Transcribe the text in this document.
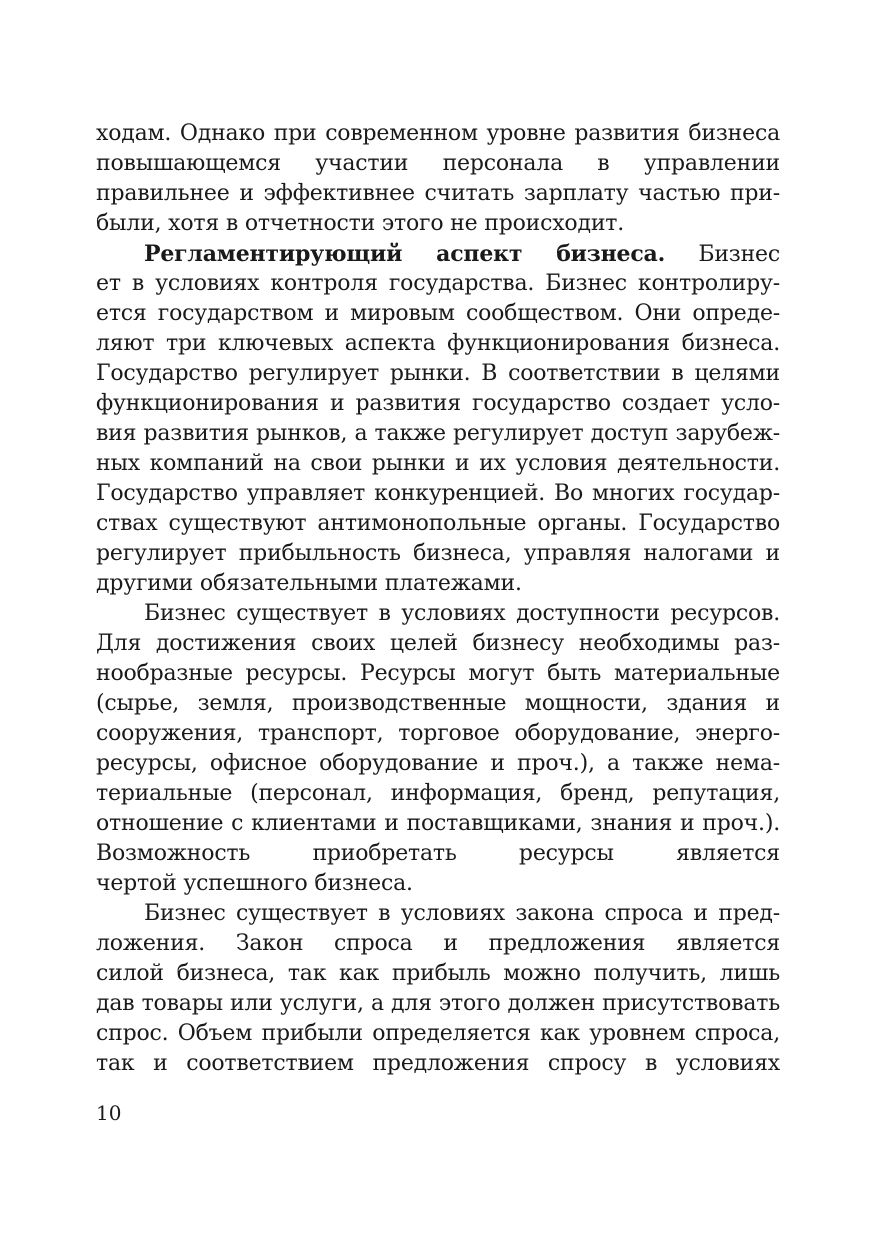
ходам. Однако при современном уровне развития бизнеса
повышающемся участии персонала в управлении
правильнее и эффективнее считать зарплату частью при-
были, хотя в отчетности этого не происходит.
Регламентирующий аспект бизнеса. Бизнес
ет в условиях контроля государства. Бизнес контролиру-
ется государством и мировым сообществом. Они опреде-
ляют три ключевых аспекта функционирования бизнеса.
Государство регулирует рынки. В соответствии в целями
функционирования и развития государство создает усло-
вия развития рынков, а также регулирует доступ зарубеж-
ных компаний на свои рынки и их условия деятельности.
Государство управляет конкуренцией. Во многих государ-
ствах существуют антимонопольные органы. Государство
регулирует прибыльность бизнеса, управляя налогами и
другими обязательными платежами.
Бизнес существует в условиях доступности ресурсов.
Для достижения своих целей бизнесу необходимы раз-
нообразные ресурсы. Ресурсы могут быть материальные
(сырье, земля, производственные мощности, здания и
сооружения, транспорт, торговое оборудование, энерго-
ресурсы, офисное оборудование и проч.), а также нема-
териальные (персонал, информация, бренд, репутация,
отношение с клиентами и поставщиками, знания и проч.).
Возможность приобретать ресурсы является
чертой успешного бизнеса.
Бизнес существует в условиях закона спроса и пред-
ложения. Закон спроса и предложения является
силой бизнеса, так как прибыль можно получить, лишь
дав товары или услуги, а для этого должен присутствовать
спрос. Объем прибыли определяется как уровнем спроса,
так и соответствием предложения спросу в условиях
10
